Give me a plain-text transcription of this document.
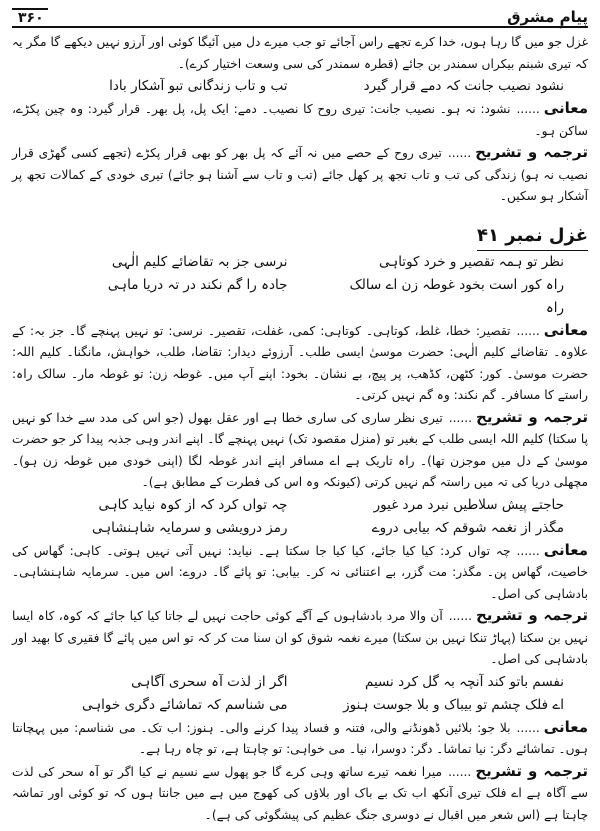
پیامِ مشرق
۳۶۰

غزل جو میں گا رہا ہوں، خدا کرے تجھے راس آجائے تو جب میرے دل میں آئیگا کوئی اور آرزو نہیں دیکھے گا مگر یہ کہ تیری شبنم بیکراں سمندر بن جائے (قطرہ سمندر کی سی وسعت اختیار کرے)۔

نشود نصیب جانت کہ دمے قرار گیرد
تب و تاب زندگانی تبو آشکار بادا

معانی......نشود: نہ ہو۔ نصیب جانت: تیری روح کا نصیب۔ دمے: ایک پل، پل بھر۔ قرار گیرد: وہ چین پکڑے، ساکن ہو۔

ترجمہ و تشریح......تیری روح کے حصے میں نہ آئے کہ پل بھر کو بھی قرار پکڑے (تجھے کسی گھڑی قرار نصیب نہ ہو) زندگی کی تب و تاب تجھ پر کھل جائے (تب و تاب سے آشنا ہو جائے) تیری خودی کے کمالات تجھ پر آشکار ہو سکیں۔

غزل نمبر ۴۱
نظر تو ہمہ تقصیر و خرد کوتاہی
نرسی جز بہ تقاضائے کلیم الٰہی
راہ کور است بخود غوطہ زن اے سالک راہ
جادہ را گم نکند در تہ دریا ماہی

معانی......تقصیر: خطا، غلط، کوتاہی۔ کوتاہی: کمی، غفلت، تقصیر۔ نرسی: تو نہیں پہنچے گا۔ جز بہ: کے علاوہ۔ تقاضائے کلیم الٰہی: حضرت موسیٰ ایسی طلب۔ آرزوئے دیدار: تقاضا، طلب، خواہش، مانگنا۔ کلیم اللہ: حضرت موسیٰ۔ کور: کٹھن، کڈھب، پر پیچ، بے نشان۔ بخود: اپنے آپ میں۔ غوطہ زن: تو غوطہ مار۔ سالک راہ: راستے کا مسافر۔ گم نکند: وہ گم نہیں کرتی۔

ترجمہ و تشریح......تیری نظر ساری کی ساری خطا ہے اور عقل بھول (جو اس کی مدد سے خدا کو نہیں پا سکتا) کلیم اللہ ایسی طلب کے بغیر تو (منزل مقصود تک) نہیں پہنچے گا۔ اپنے اندر وہی جذبہ پیدا کر جو حضرت موسیٰ کے دل میں موجزن تھا)۔ راہ تاریک ہے اے مسافر اپنے اندر غوطہ لگا (اپنی خودی میں غوطہ زن ہو)۔ مچھلی دریا کی تہ میں راستہ گم نہیں کرتی (کیونکہ وہ اس کی فطرت کے مطابق ہے)۔

حاجتے پیش سلاطیں نبرد مرد غیور
چہ تواں کرد کہ از کوہ نیاید کاہی
مگذر از نغمہ شوقم کہ بیابی دروے
رمز درویشی و سرمایہ شاہنشاہی

معانی......چہ تواں کرد: کیا کیا جائے، کیا کیا جا سکتا ہے۔ نیاید: نہیں آتی نہیں ہوتی۔ کاہی: گھاس کی خاصیت، گھاس پن۔ مگذر: مت گزر، بے اعتنائی نہ کر۔ بیابی: تو پائے گا۔ دروے: اس میں۔ سرمایہ شاہنشاہی۔ بادشاہی کی اصل۔

ترجمہ و تشریح......آن والا مرد بادشاہوں کے آگے کوئی حاجت نہیں لے جاتا کیا کیا جائے کہ کوہ، کاہ ایسا نہیں بن سکتا (پہاڑ تنکا نہیں بن سکتا) میرے نغمہ شوق کو ان سنا مت کر کہ تو اس میں پائے گا فقیری کا بھید اور بادشاہی کی اصل۔

نفسم باتو کند آنچہ بہ گل کرد نسیم
اگر از لذت آہ سحری آگاہی
اے فلک چشم تو بیباک و بلا جوست ہنوز
می شناسم کہ تماشائے دگری خواہی

معانی......بلا جو: بلائیں ڈھونڈنے والی، فتنہ و فساد پیدا کرنے والی۔ ہنوز: اب تک۔ می شناسم: میں پہچانتا ہوں۔ تماشائے دگر: نیا تماشا۔ دگر: دوسرا، نیا۔ می خواہی: تو چاہتا ہے، تو چاہ رہا ہے۔

ترجمہ و تشریح......میرا نغمہ تیرے ساتھ وہی کرے گا جو پھول سے نسیم نے کیا اگر تو آہ سحر کی لذت سے آگاہ ہے اے فلک تیری آنکھ اب تک بے باک اور بلاؤں کی کھوج میں ہے میں جانتا ہوں کہ تو کوئی اور تماشہ چاہتا ہے (اس شعر میں اقبال نے دوسری جنگ عظیم کی پیشگوئی کی ہے)۔
